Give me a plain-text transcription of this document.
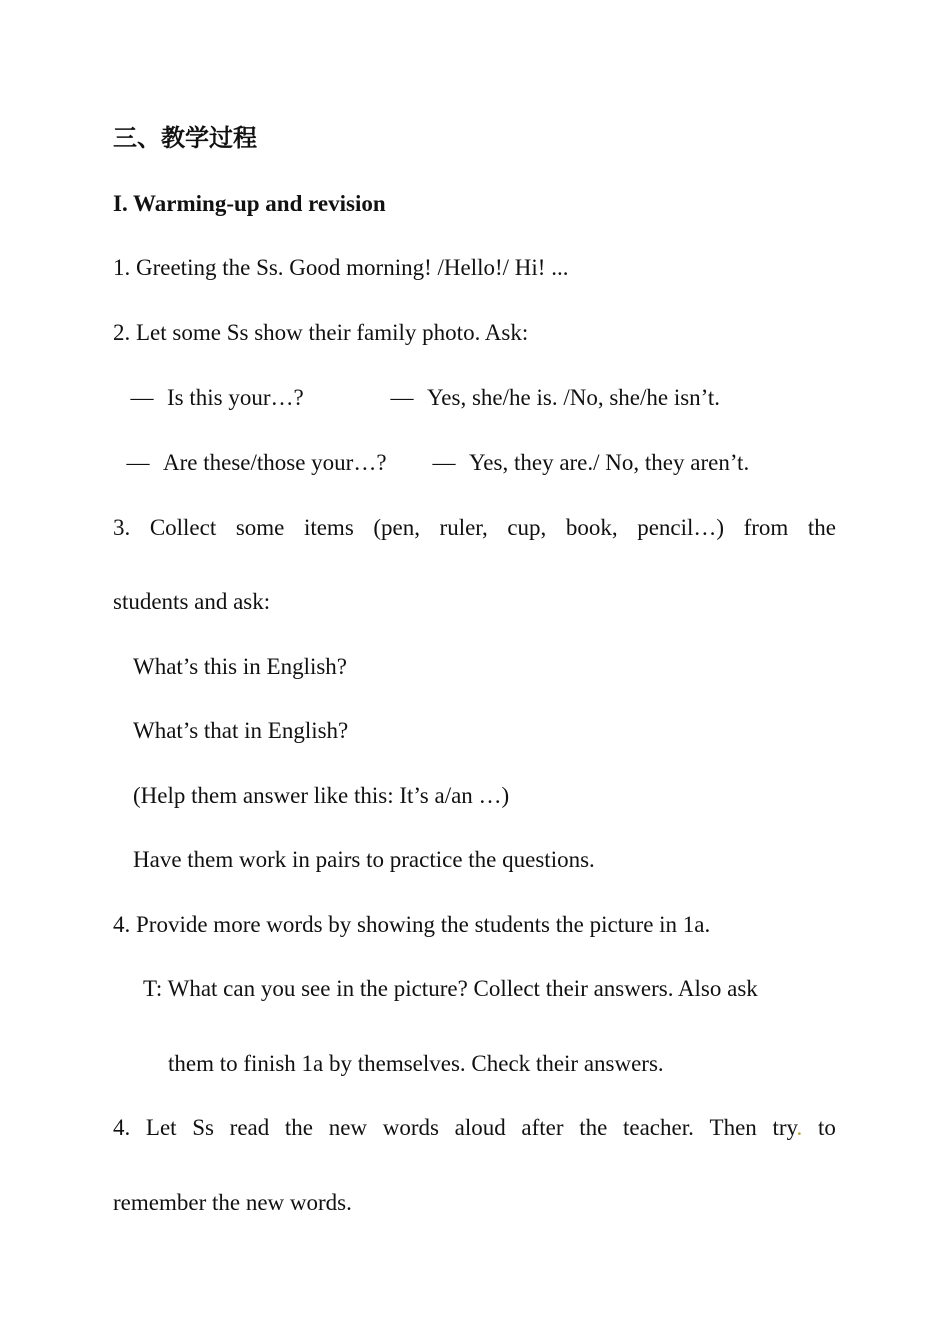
三、教学过程
I. Warming-up and revision
1. Greeting the Ss. Good morning! /Hello!/ Hi! ...
2. Let some Ss show their family photo. Ask:
— Is this your…?	— Yes, she/he is. /No, she/he isn’t.
— Are these/those your…? — Yes, they are./ No, they aren’t.
3. Collect some items (pen, ruler, cup, book, pencil…) from the
students and ask:
What’s this in English?
What’s that in English?
(Help them answer like this: It’s a/an …)
Have them work in pairs to practice the questions.
4. Provide more words by showing the students the picture in 1a.
T: What can you see in the picture? Collect their answers. Also ask
them to finish 1a by themselves. Check their answers.
4. Let Ss read the new words aloud after the teacher. Then try. to
remember the new words.
